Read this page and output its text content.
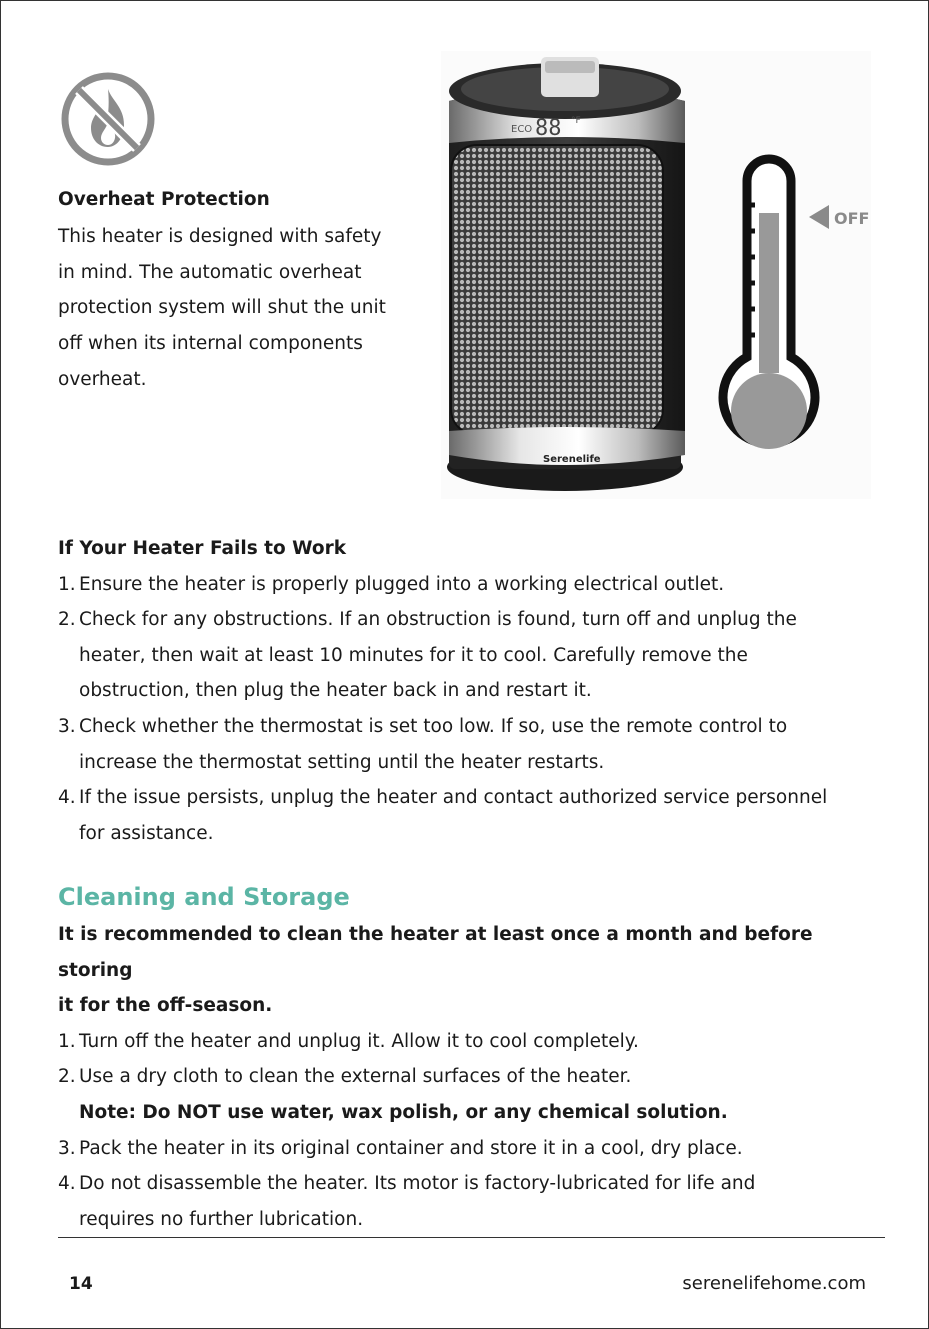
Overheat Protection
This heater is designed with safety
in mind. The automatic overheat
protection system will shut the unit
off when its internal components
overheat.
ECO 88 °F
Serenelife
OFF
If Your Heater Fails to Work
1. Ensure the heater is properly plugged into a working electrical outlet.
2. Check for any obstructions. If an obstruction is found, turn off and unplug the
heater, then wait at least 10 minutes for it to cool. Carefully remove the
obstruction, then plug the heater back in and restart it.
3. Check whether the thermostat is set too low. If so, use the remote control to
increase the thermostat setting until the heater restarts.
4. If the issue persists, unplug the heater and contact authorized service personnel
for assistance.
Cleaning and Storage
It is recommended to clean the heater at least once a month and before storing
it for the off-season.
1. Turn off the heater and unplug it. Allow it to cool completely.
2. Use a dry cloth to clean the external surfaces of the heater.
Note: Do NOT use water, wax polish, or any chemical solution.
3. Pack the heater in its original container and store it in a cool, dry place.
4. Do not disassemble the heater. Its motor is factory-lubricated for life and
requires no further lubrication.
14	serenelifehome.com
